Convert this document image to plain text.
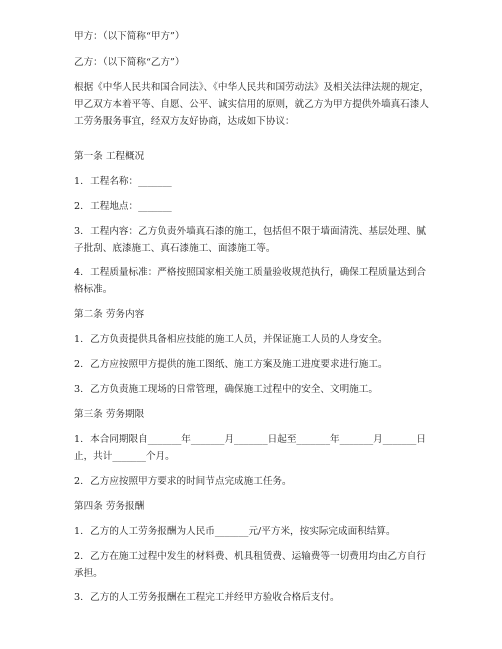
甲方：（以下简称“甲方”）

乙方：（以下简称“乙方”）

根据《中华人民共和国合同法》、《中华人民共和国劳动法》及相关法律法规的规定，甲乙双方本着平等、自愿、公平、诚实信用的原则，就乙方为甲方提供外墙真石漆人工劳务服务事宜，经双方友好协商，达成如下协议：

第一条 工程概况

1. 工程名称：_______

2. 工程地点：_______

3. 工程内容：乙方负责外墙真石漆的施工，包括但不限于墙面清洗、基层处理、腻子批刮、底漆施工、真石漆施工、面漆施工等。

4. 工程质量标准：严格按照国家相关施工质量验收规范执行，确保工程质量达到合格标准。

第二条 劳务内容

1. 乙方负责提供具备相应技能的施工人员，并保证施工人员的人身安全。

2. 乙方应按照甲方提供的施工图纸、施工方案及施工进度要求进行施工。

3. 乙方负责施工现场的日常管理，确保施工过程中的安全、文明施工。

第三条 劳务期限

1. 本合同期限自_______年_______月_______日起至_______年_______月_______日止，共计_______个月。

2. 乙方应按照甲方要求的时间节点完成施工任务。

第四条 劳务报酬

1. 乙方的人工劳务报酬为人民币_______元/平方米，按实际完成面积结算。

2. 乙方在施工过程中发生的材料费、机具租赁费、运输费等一切费用均由乙方自行承担。

3. 乙方的人工劳务报酬在工程完工并经甲方验收合格后支付。
